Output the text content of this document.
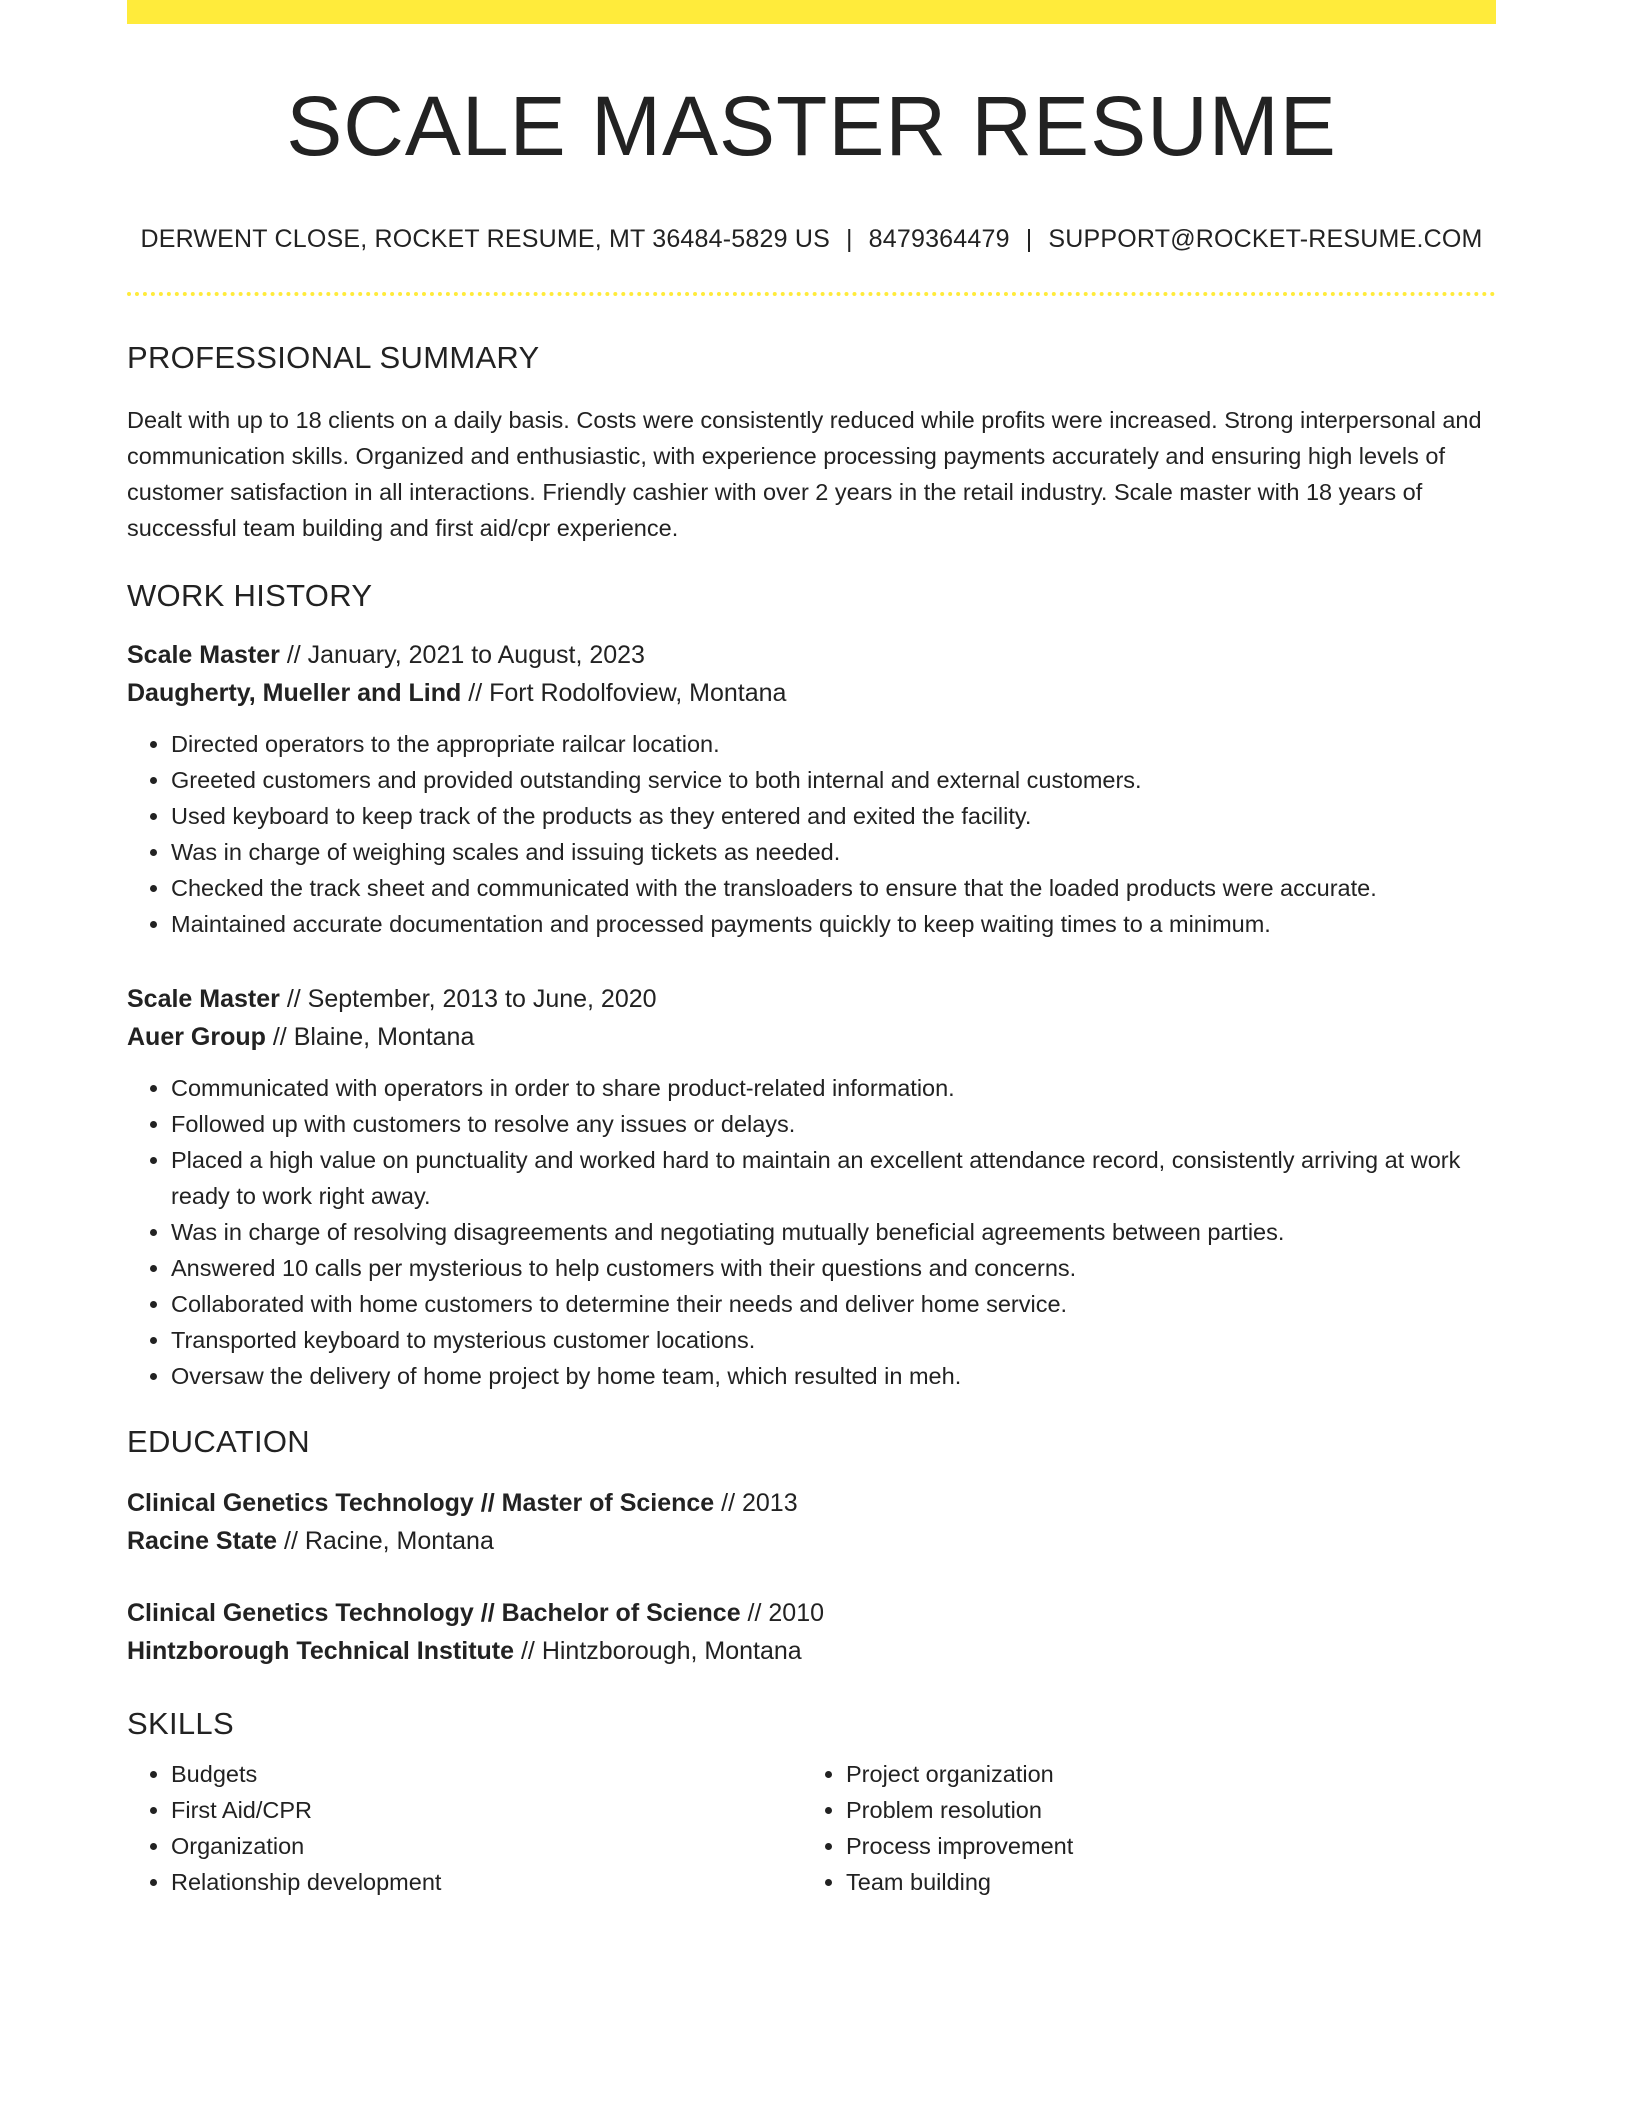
SCALE MASTER RESUME
DERWENT CLOSE, ROCKET RESUME, MT 36484-5829 US | 8479364479 | SUPPORT@ROCKET-RESUME.COM
PROFESSIONAL SUMMARY
Dealt with up to 18 clients on a daily basis. Costs were consistently reduced while profits were increased. Strong interpersonal and communication skills. Organized and enthusiastic, with experience processing payments accurately and ensuring high levels of customer satisfaction in all interactions. Friendly cashier with over 2 years in the retail industry. Scale master with 18 years of successful team building and first aid/cpr experience.
WORK HISTORY
Scale Master // January, 2021 to August, 2023
Daugherty, Mueller and Lind // Fort Rodolfoview, Montana
• Directed operators to the appropriate railcar location.
• Greeted customers and provided outstanding service to both internal and external customers.
• Used keyboard to keep track of the products as they entered and exited the facility.
• Was in charge of weighing scales and issuing tickets as needed.
• Checked the track sheet and communicated with the transloaders to ensure that the loaded products were accurate.
• Maintained accurate documentation and processed payments quickly to keep waiting times to a minimum.
Scale Master // September, 2013 to June, 2020
Auer Group // Blaine, Montana
• Communicated with operators in order to share product-related information.
• Followed up with customers to resolve any issues or delays.
• Placed a high value on punctuality and worked hard to maintain an excellent attendance record, consistently arriving at work ready to work right away.
• Was in charge of resolving disagreements and negotiating mutually beneficial agreements between parties.
• Answered 10 calls per mysterious to help customers with their questions and concerns.
• Collaborated with home customers to determine their needs and deliver home service.
• Transported keyboard to mysterious customer locations.
• Oversaw the delivery of home project by home team, which resulted in meh.
EDUCATION
Clinical Genetics Technology // Master of Science // 2013
Racine State // Racine, Montana
Clinical Genetics Technology // Bachelor of Science // 2010
Hintzborough Technical Institute // Hintzborough, Montana
SKILLS
• Budgets
• First Aid/CPR
• Organization
• Relationship development
• Project organization
• Problem resolution
• Process improvement
• Team building
